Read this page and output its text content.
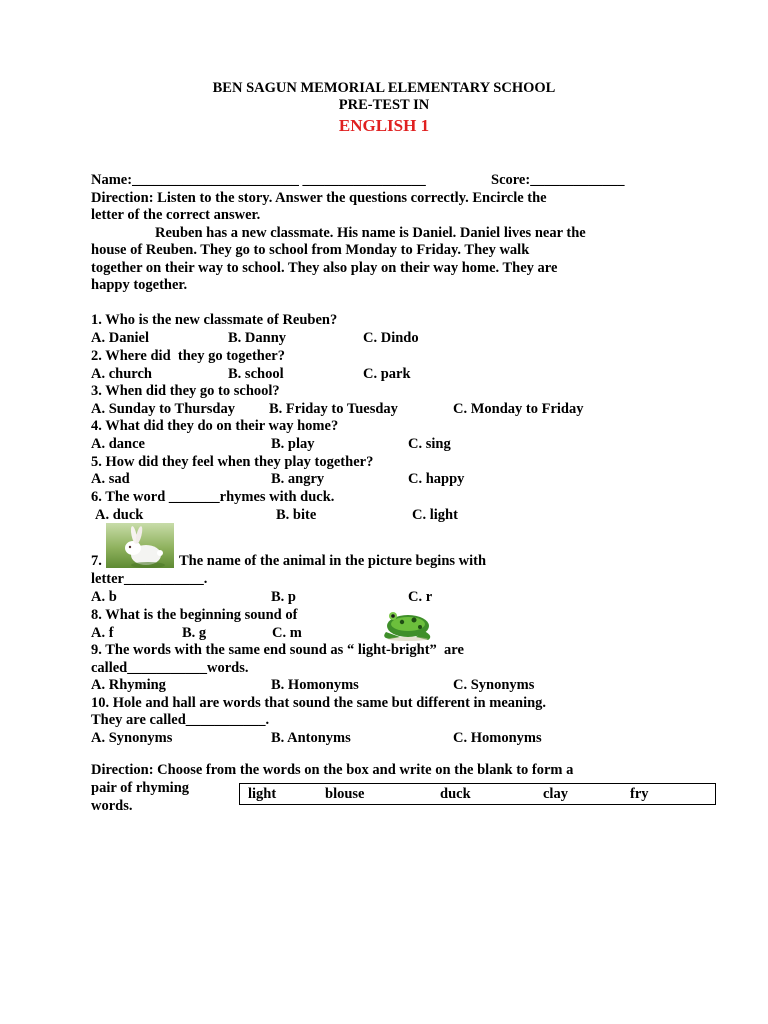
BEN SAGUN MEMORIAL ELEMENTARY SCHOOL
PRE-TEST IN
ENGLISH 1
Name:_______________________ _________________	Score:_____________
Direction: Listen to the story. Answer the questions correctly. Encircle the
letter of the correct answer.
Reuben has a new classmate. His name is Daniel. Daniel lives near the
house of Reuben. They go to school from Monday to Friday. They walk
together on their way to school. They also play on their way home. They are
happy together.
1. Who is the new classmate of Reuben?
A. Daniel	B. Danny	C. Dindo
2. Where did  they go together?
A. church	B. school	C. park
3. When did they go to school?
A. Sunday to Thursday B. Friday to Tuesday	C. Monday to Friday
4. What did they do on their way home?
A. dance	B. play	C. sing
5. How did they feel when they play together?
A. sad	B. angry	C. happy
6. The word _______rhymes with duck.
A. duck	B. bite	C. light
7.	The name of the animal in the picture begins with
letter___________.
A. b	B. p	C. r
8. What is the beginning sound of
A. f	B. g	C. m
9. The words with the same end sound as “ light-bright”  are
called___________words.
A. Rhyming	B. Homonyms	C. Synonyms
10. Hole and hall are words that sound the same but different in meaning.
They are called___________.
A. Synonyms	B. Antonyms	C. Homonyms
Direction: Choose from the words on the box and write on the blank to form a
pair of rhyming
words.
light	blouse	duck	clay	fry
